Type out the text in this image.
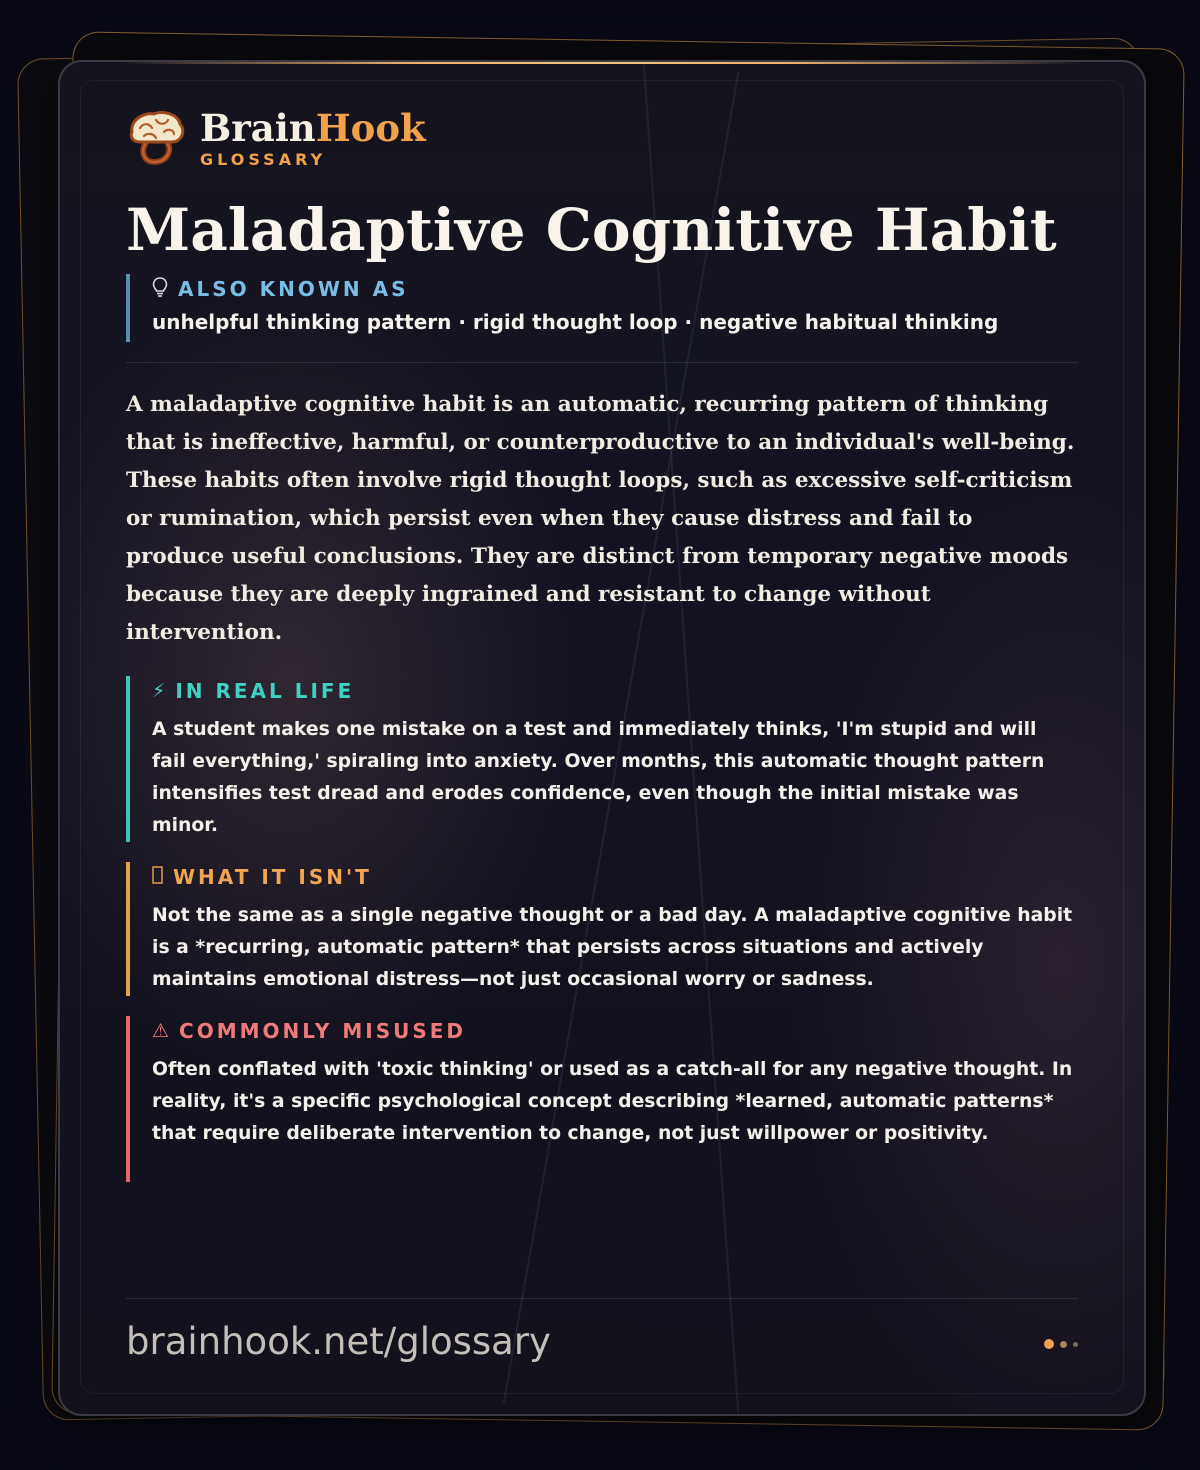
BrainHook
GLOSSARY
Maladaptive Cognitive Habit
ALSO KNOWN AS
unhelpful thinking pattern · rigid thought loop · negative habitual thinking

A maladaptive cognitive habit is an automatic, recurring pattern of thinking that is ineffective, harmful, or counterproductive to an individual's well-being. These habits often involve rigid thought loops, such as excessive self-criticism or rumination, which persist even when they cause distress and fail to produce useful conclusions. They are distinct from temporary negative moods because they are deeply ingrained and resistant to change without intervention.

⚡ IN REAL LIFE
A student makes one mistake on a test and immediately thinks, 'I'm stupid and will fail everything,' spiraling into anxiety. Over months, this automatic thought pattern intensifies test dread and erodes confidence, even though the initial mistake was minor.
WHAT IT ISN'T
Not the same as a single negative thought or a bad day. A maladaptive cognitive habit is a *recurring, automatic pattern* that persists across situations and actively maintains emotional distress—not just occasional worry or sadness.
⚠ COMMONLY MISUSED
Often conflated with 'toxic thinking' or used as a catch-all for any negative thought. In reality, it's a specific psychological concept describing *learned, automatic patterns* that require deliberate intervention to change, not just willpower or positivity.
brainhook.net/glossary
